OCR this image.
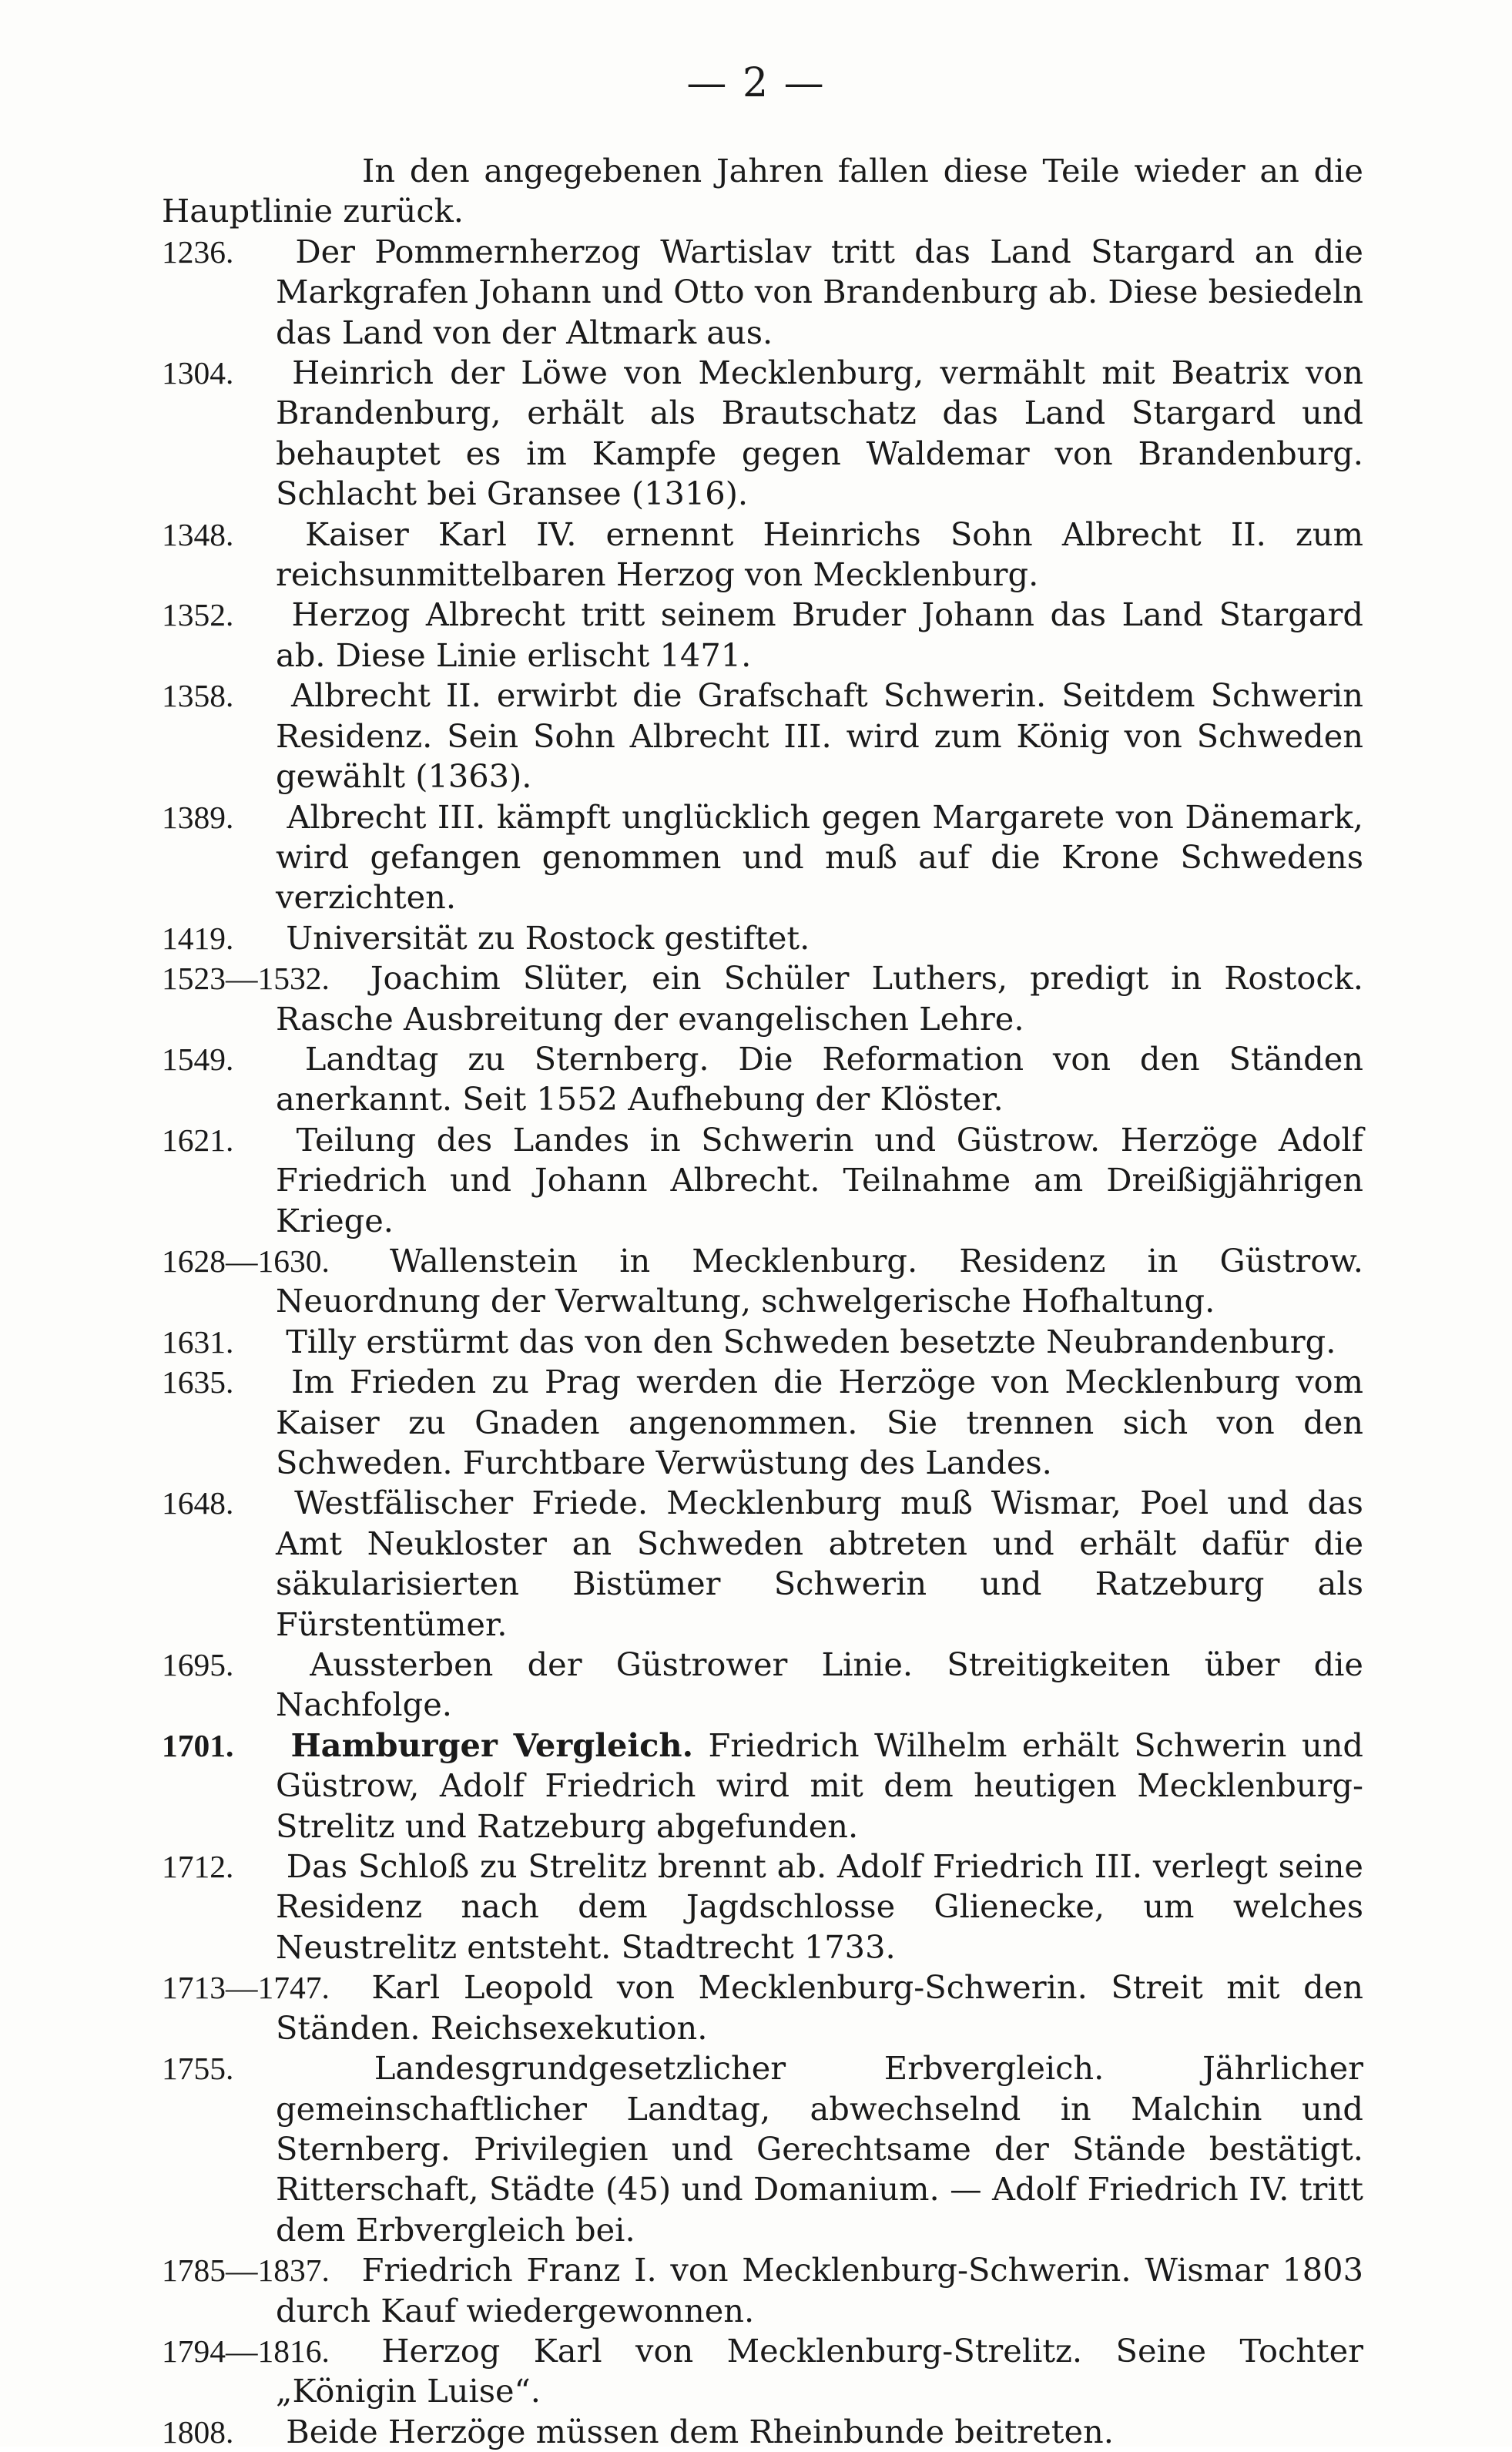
— 2 —

In den angegebenen Jahren fallen diese Teile wieder an die Hauptlinie zurück.

1236. Der Pommernherzog Wartislav tritt das Land Stargard an die Markgrafen Johann und Otto von Brandenburg ab. Diese besiedeln das Land von der Altmark aus.

1304. Heinrich der Löwe von Mecklenburg, vermählt mit Beatrix von Brandenburg, erhält als Brautschatz das Land Stargard und behauptet es im Kampfe gegen Waldemar von Brandenburg. Schlacht bei Gransee (1316).

1348. Kaiser Karl IV. ernennt Heinrichs Sohn Albrecht II. zum reichsunmittelbaren Herzog von Mecklenburg.

1352. Herzog Albrecht tritt seinem Bruder Johann das Land Stargard ab. Diese Linie erlischt 1471.

1358. Albrecht II. erwirbt die Grafschaft Schwerin. Seitdem Schwerin Residenz. Sein Sohn Albrecht III. wird zum König von Schweden gewählt (1363).

1389. Albrecht III. kämpft unglücklich gegen Margarete von Dänemark, wird gefangen genommen und muß auf die Krone Schwedens verzichten.

1419. Universität zu Rostock gestiftet.

1523—1532. Joachim Slüter, ein Schüler Luthers, predigt in Rostock. Rasche Ausbreitung der evangelischen Lehre.

1549. Landtag zu Sternberg. Die Reformation von den Ständen anerkannt. Seit 1552 Aufhebung der Klöster.

1621. Teilung des Landes in Schwerin und Güstrow. Herzöge Adolf Friedrich und Johann Albrecht. Teilnahme am Dreißigjährigen Kriege.

1628—1630. Wallenstein in Mecklenburg. Residenz in Güstrow. Neuordnung der Verwaltung, schwelgerische Hofhaltung.

1631. Tilly erstürmt das von den Schweden besetzte Neubrandenburg.

1635. Im Frieden zu Prag werden die Herzöge von Mecklenburg vom Kaiser zu Gnaden angenommen. Sie trennen sich von den Schweden. Furchtbare Verwüstung des Landes.

1648. Westfälischer Friede. Mecklenburg muß Wismar, Poel und das Amt Neukloster an Schweden abtreten und erhält dafür die säkularisierten Bistümer Schwerin und Ratzeburg als Fürstentümer.

1695. Aussterben der Güstrower Linie. Streitigkeiten über die Nachfolge.

1701. Hamburger Vergleich. Friedrich Wilhelm erhält Schwerin und Güstrow, Adolf Friedrich wird mit dem heutigen Mecklenburg-Strelitz und Ratzeburg abgefunden.

1712. Das Schloß zu Strelitz brennt ab. Adolf Friedrich III. verlegt seine Residenz nach dem Jagdschlosse Glienecke, um welches Neustrelitz entsteht. Stadtrecht 1733.

1713—1747. Karl Leopold von Mecklenburg-Schwerin. Streit mit den Ständen. Reichsexekution.

1755.	Landesgrundgesetzlicher Erbvergleich. Jährlicher gemeinschaftlicher Landtag, abwechselnd in Malchin und Sternberg. Privilegien und Gerechtsame der Stände bestätigt. Ritterschaft, Städte (45) und Domanium. — Adolf Friedrich IV. tritt dem Erbvergleich bei.

1785—1837. Friedrich Franz I. von Mecklenburg-Schwerin. Wismar 1803 durch Kauf wiedergewonnen.

1794—1816. Herzog Karl von Mecklenburg-Strelitz. Seine Tochter „Königin Luise“.

1808. Beide Herzöge müssen dem Rheinbunde beitreten.
